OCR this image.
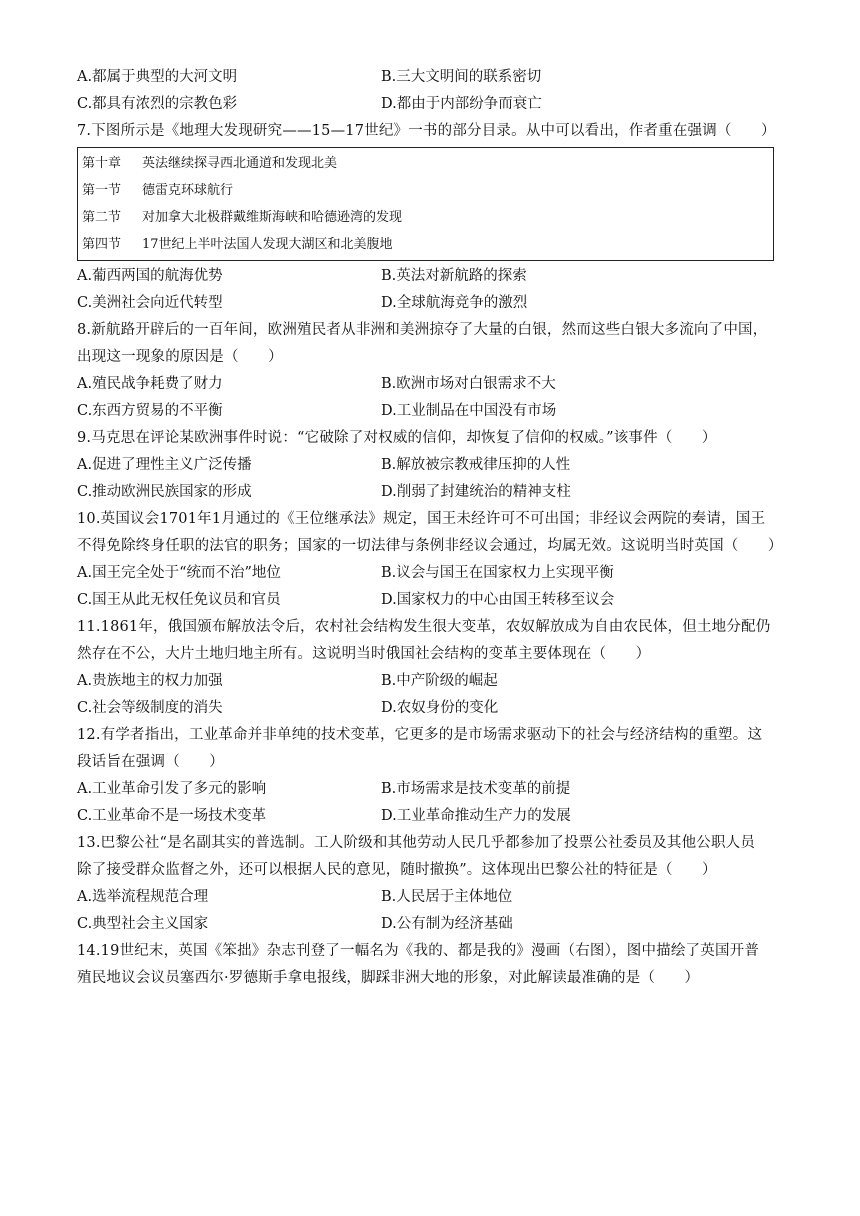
A.都属于典型的大河文明	B.三大文明间的联系密切
C.都具有浓烈的宗教色彩	D.都由于内部纷争而衰亡
7.下图所示是《地理大发现研究——15—17世纪》一书的部分目录。从中可以看出，作者重在强调（　　）
第十章 英法继续探寻西北通道和发现北美
第一节 德雷克环球航行
第二节 对加拿大北极群戴维斯海峡和哈德逊湾的发现
第四节 17世纪上半叶法国人发现大湖区和北美腹地
A.葡西两国的航海优势	B.英法对新航路的探索
C.美洲社会向近代转型	D.全球航海竞争的激烈
8.新航路开辟后的一百年间，欧洲殖民者从非洲和美洲掠夺了大量的白银，然而这些白银大多流向了中国，
出现这一现象的原因是（　　）
A.殖民战争耗费了财力	B.欧洲市场对白银需求不大
C.东西方贸易的不平衡	D.工业制品在中国没有市场
9.马克思在评论某欧洲事件时说：“它破除了对权威的信仰，却恢复了信仰的权威。”该事件（　　）
A.促进了理性主义广泛传播	B.解放被宗教戒律压抑的人性
C.推动欧洲民族国家的形成	D.削弱了封建统治的精神支柱
10.英国议会1701年1月通过的《王位继承法》规定，国王未经许可不可出国；非经议会两院的奏请，国王
不得免除终身任职的法官的职务；国家的一切法律与条例非经议会通过，均属无效。这说明当时英国（　　）
A.国王完全处于“统而不治”地位	B.议会与国王在国家权力上实现平衡
C.国王从此无权任免议员和官员	D.国家权力的中心由国王转移至议会
11.1861年，俄国颁布解放法令后，农村社会结构发生很大变革，农奴解放成为自由农民体，但土地分配仍
然存在不公，大片土地归地主所有。这说明当时俄国社会结构的变革主要体现在（　　）
A.贵族地主的权力加强	B.中产阶级的崛起
C.社会等级制度的消失	D.农奴身份的变化
12.有学者指出，工业革命并非单纯的技术变革，它更多的是市场需求驱动下的社会与经济结构的重塑。这
段话旨在强调（　　）
A.工业革命引发了多元的影响	B.市场需求是技术变革的前提
C.工业革命不是一场技术变革	D.工业革命推动生产力的发展
13.巴黎公社“是名副其实的普选制。工人阶级和其他劳动人民几乎都参加了投票公社委员及其他公职人员
除了接受群众监督之外，还可以根据人民的意见，随时撤换”。这体现出巴黎公社的特征是（　　）
A.选举流程规范合理	B.人民居于主体地位
C.典型社会主义国家	D.公有制为经济基础
14.19世纪末，英国《笨拙》杂志刊登了一幅名为《我的、都是我的》漫画（右图），图中描绘了英国开普
殖民地议会议员塞西尔·罗德斯手拿电报线，脚踩非洲大地的形象，对此解读最准确的是（　　）
